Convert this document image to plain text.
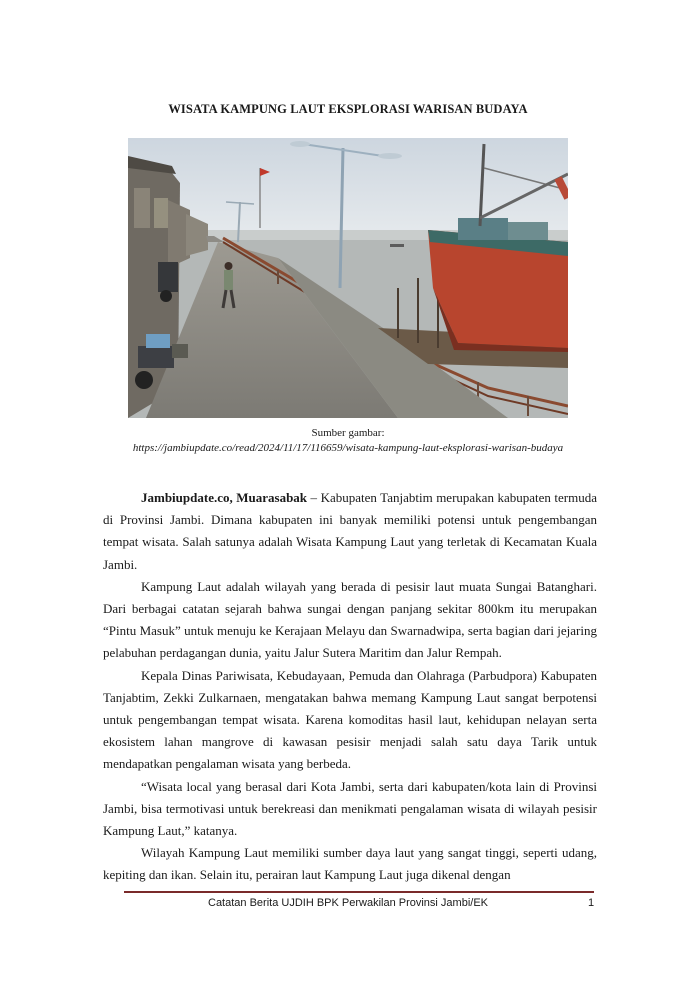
WISATA KAMPUNG LAUT EKSPLORASI WARISAN BUDAYA
Sumber gambar:
https://jambiupdate.co/read/2024/11/17/116659/wisata-kampung-laut-eksplorasi-warisan-budaya

Jambiupdate.co, Muarasabak – Kabupaten Tanjabtim merupakan kabupaten termuda di Provinsi Jambi. Dimana kabupaten ini banyak memiliki potensi untuk pengembangan tempat wisata. Salah satunya adalah Wisata Kampung Laut yang terletak di Kecamatan Kuala Jambi.

Kampung Laut adalah wilayah yang berada di pesisir laut muata Sungai Batanghari. Dari berbagai catatan sejarah bahwa sungai dengan panjang sekitar 800km itu merupakan “Pintu Masuk” untuk menuju ke Kerajaan Melayu dan Swarnadwipa, serta bagian dari jejaring pelabuhan perdagangan dunia, yaitu Jalur Sutera Maritim dan Jalur Rempah.

Kepala Dinas Pariwisata, Kebudayaan, Pemuda dan Olahraga (Parbudpora) Kabupaten Tanjabtim, Zekki Zulkarnaen, mengatakan bahwa memang Kampung Laut sangat berpotensi untuk pengembangan tempat wisata. Karena komoditas hasil laut, kehidupan nelayan serta ekosistem lahan mangrove di kawasan pesisir menjadi salah satu daya Tarik untuk mendapatkan pengalaman wisata yang berbeda.

“Wisata local yang berasal dari Kota Jambi, serta dari kabupaten/kota lain di Provinsi Jambi, bisa termotivasi untuk berekreasi dan menikmati pengalaman wisata di wilayah pesisir Kampung Laut,” katanya.

Wilayah Kampung Laut memiliki sumber daya laut yang sangat tinggi, seperti udang, kepiting dan ikan. Selain itu, perairan laut Kampung Laut juga dikenal dengan

Catatan Berita UJDIH BPK Perwakilan Provinsi Jambi/EK	1
